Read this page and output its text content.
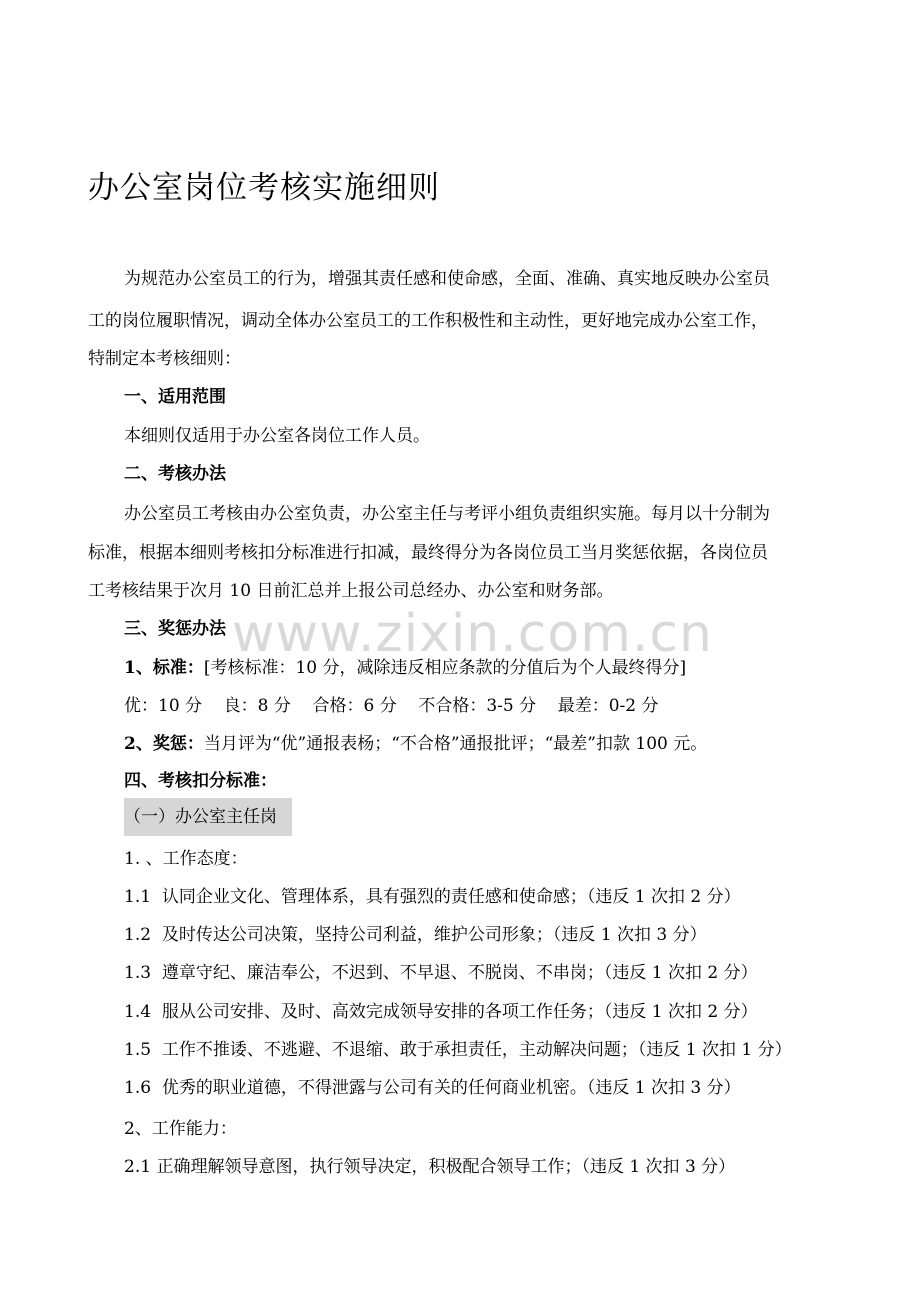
办公室岗位考核实施细则

为规范办公室员工的行为，增强其责任感和使命感，全面、准确、真实地反映办公室员

工的岗位履职情况，调动全体办公室员工的工作积极性和主动性，更好地完成办公室工作，

特制定本考核细则：

一、适用范围

本细则仅适用于办公室各岗位工作人员。

二、考核办法

办公室员工考核由办公室负责，办公室主任与考评小组负责组织实施。每月以十分制为

标准，根据本细则考核扣分标准进行扣减，最终得分为各岗位员工当月奖惩依据，各岗位员

工考核结果于次月 10 日前汇总并上报公司总经办、办公室和财务部。

www.zixin.com.cn

三、奖惩办法

1、标准：[考核标准：10 分，减除违反相应条款的分值后为个人最终得分]

优：10 分    良：8 分    合格：6 分    不合格：3-5 分    最差：0-2 分

2、奖惩：当月评为“优”通报表杨；“不合格”通报批评；“最差”扣款 100 元。

四、考核扣分标准：

（一）办公室主任岗

1. 、工作态度：

1.1  认同企业文化、管理体系，具有强烈的责任感和使命感；（违反 1 次扣 2 分）

1.2  及时传达公司决策，坚持公司利益，维护公司形象；（违反 1 次扣 3 分）

1.3  遵章守纪、廉洁奉公，不迟到、不早退、不脱岗、不串岗；（违反 1 次扣 2 分）

1.4  服从公司安排、及时、高效完成领导安排的各项工作任务；（违反 1 次扣 2 分）

1.5  工作不推诿、不逃避、不退缩、敢于承担责任，主动解决问题；（违反 1 次扣 1 分）

1.6  优秀的职业道德，不得泄露与公司有关的任何商业机密。（违反 1 次扣 3 分）

2、工作能力：

2.1 正确理解领导意图，执行领导决定，积极配合领导工作；（违反 1 次扣 3 分）
